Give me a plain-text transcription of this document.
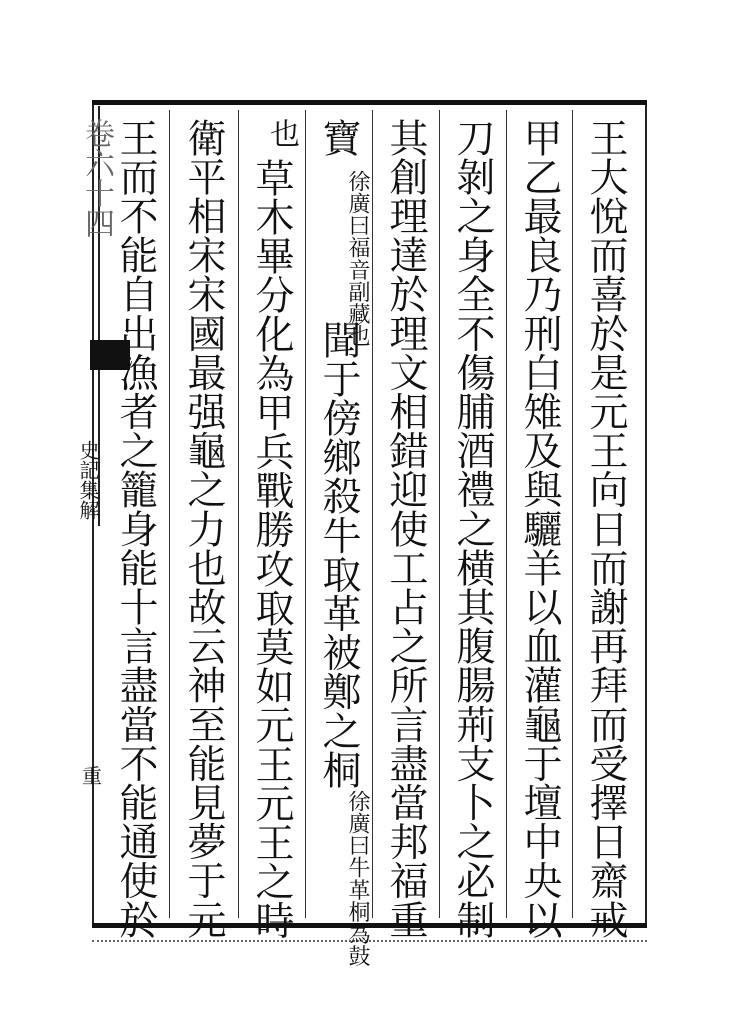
卷六十四
史記集解
重	王大悅而喜於是元王向日而謝再拜而受擇日齋戒
甲乙最良乃刑白雉及與驪羊以血灌龜于壇中央以
刀剝之身全不傷脯酒禮之横其腹腸荊支卜之必制
其創理達於理文相錯迎使工占之所言盡當邦福重
寶
徐廣曰福音副藏也
聞于傍鄉殺牛取革被鄭之桐
徐廣曰牛革桐為鼓
也
草木畢分化為甲兵戰勝攻取莫如元王元王之時
衛平相宋宋國最强龜之力也故云神至能見夢于元
王而不能自出漁者之籠身能十言盡當不能通使於
